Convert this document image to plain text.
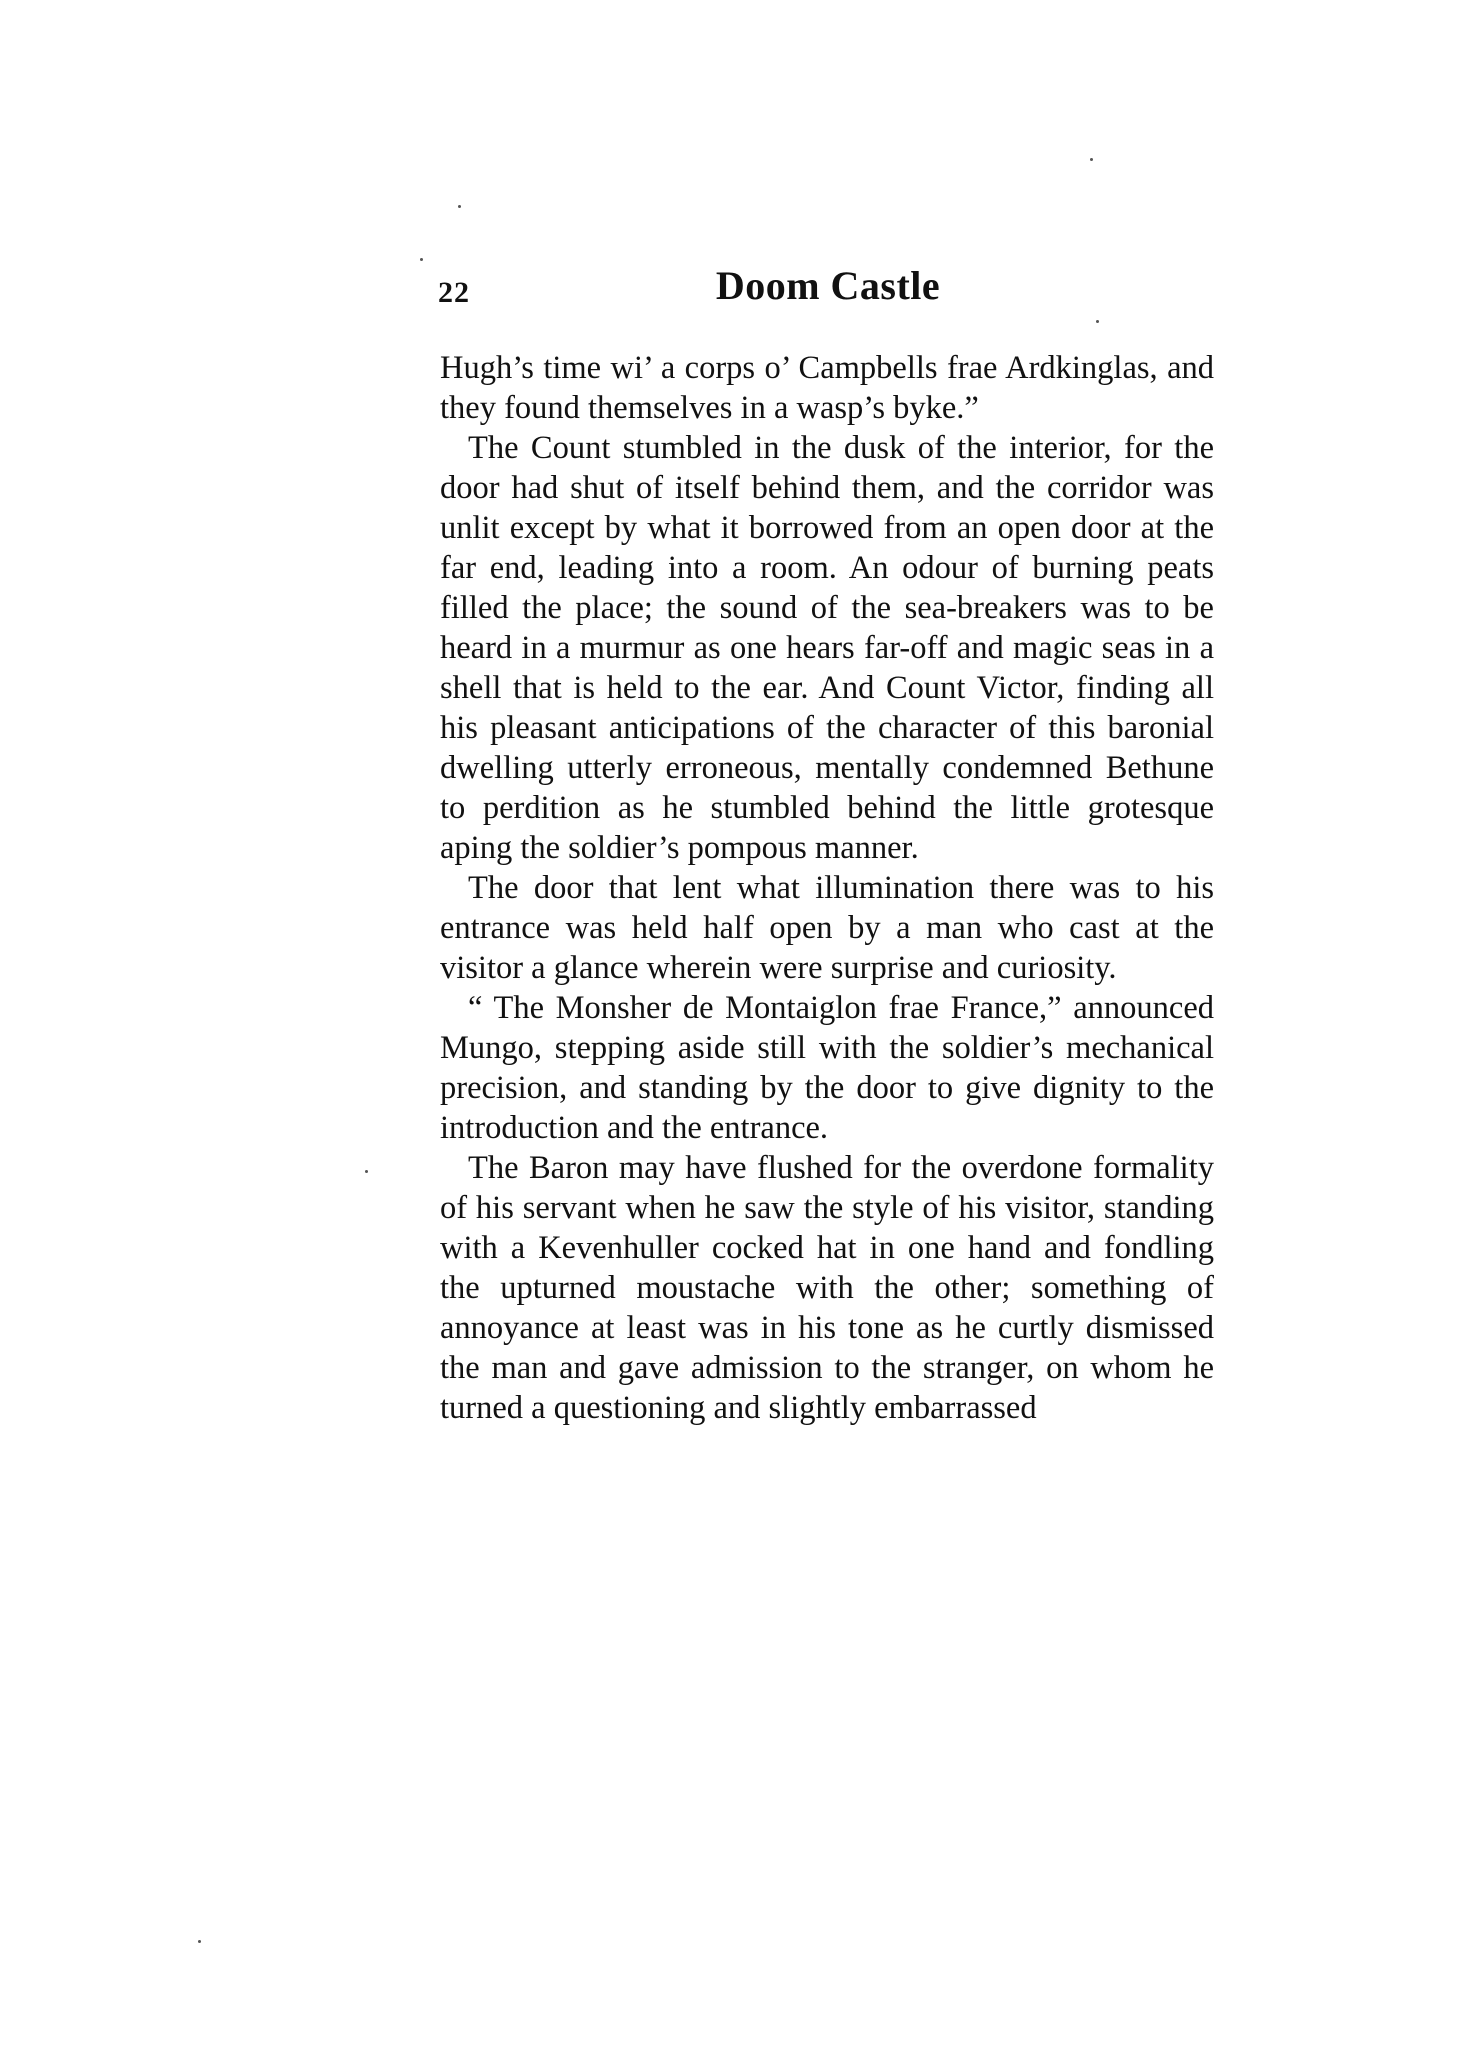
22	Doom Castle

Hugh’s time wi’ a corps o’ Campbells frae Ardkinglas, and they found themselves in a wasp’s byke.”

The Count stumbled in the dusk of the interior, for the door had shut of itself behind them, and the corridor was unlit except by what it borrowed from an open door at the far end, leading into a room. An odour of burning peats filled the place; the sound of the sea-breakers was to be heard in a murmur as one hears far-off and magic seas in a shell that is held to the ear. And Count Victor, finding all his pleasant anticipations of the character of this baronial dwelling utterly erroneous, mentally condemned Bethune to perdition as he stumbled behind the little grotesque aping the soldier’s pompous manner.

The door that lent what illumination there was to his entrance was held half open by a man who cast at the visitor a glance wherein were surprise and curiosity.

“ The Monsher de Montaiglon frae France,” announced Mungo, stepping aside still with the soldier’s mechanical precision, and standing by the door to give dignity to the introduction and the entrance.

The Baron may have flushed for the overdone formality of his servant when he saw the style of his visitor, standing with a Kevenhuller cocked hat in one hand and fondling the upturned moustache with the other; something of annoyance at least was in his tone as he curtly dismissed the man and gave admission to the stranger, on whom he turned a questioning and slightly embarrassed
